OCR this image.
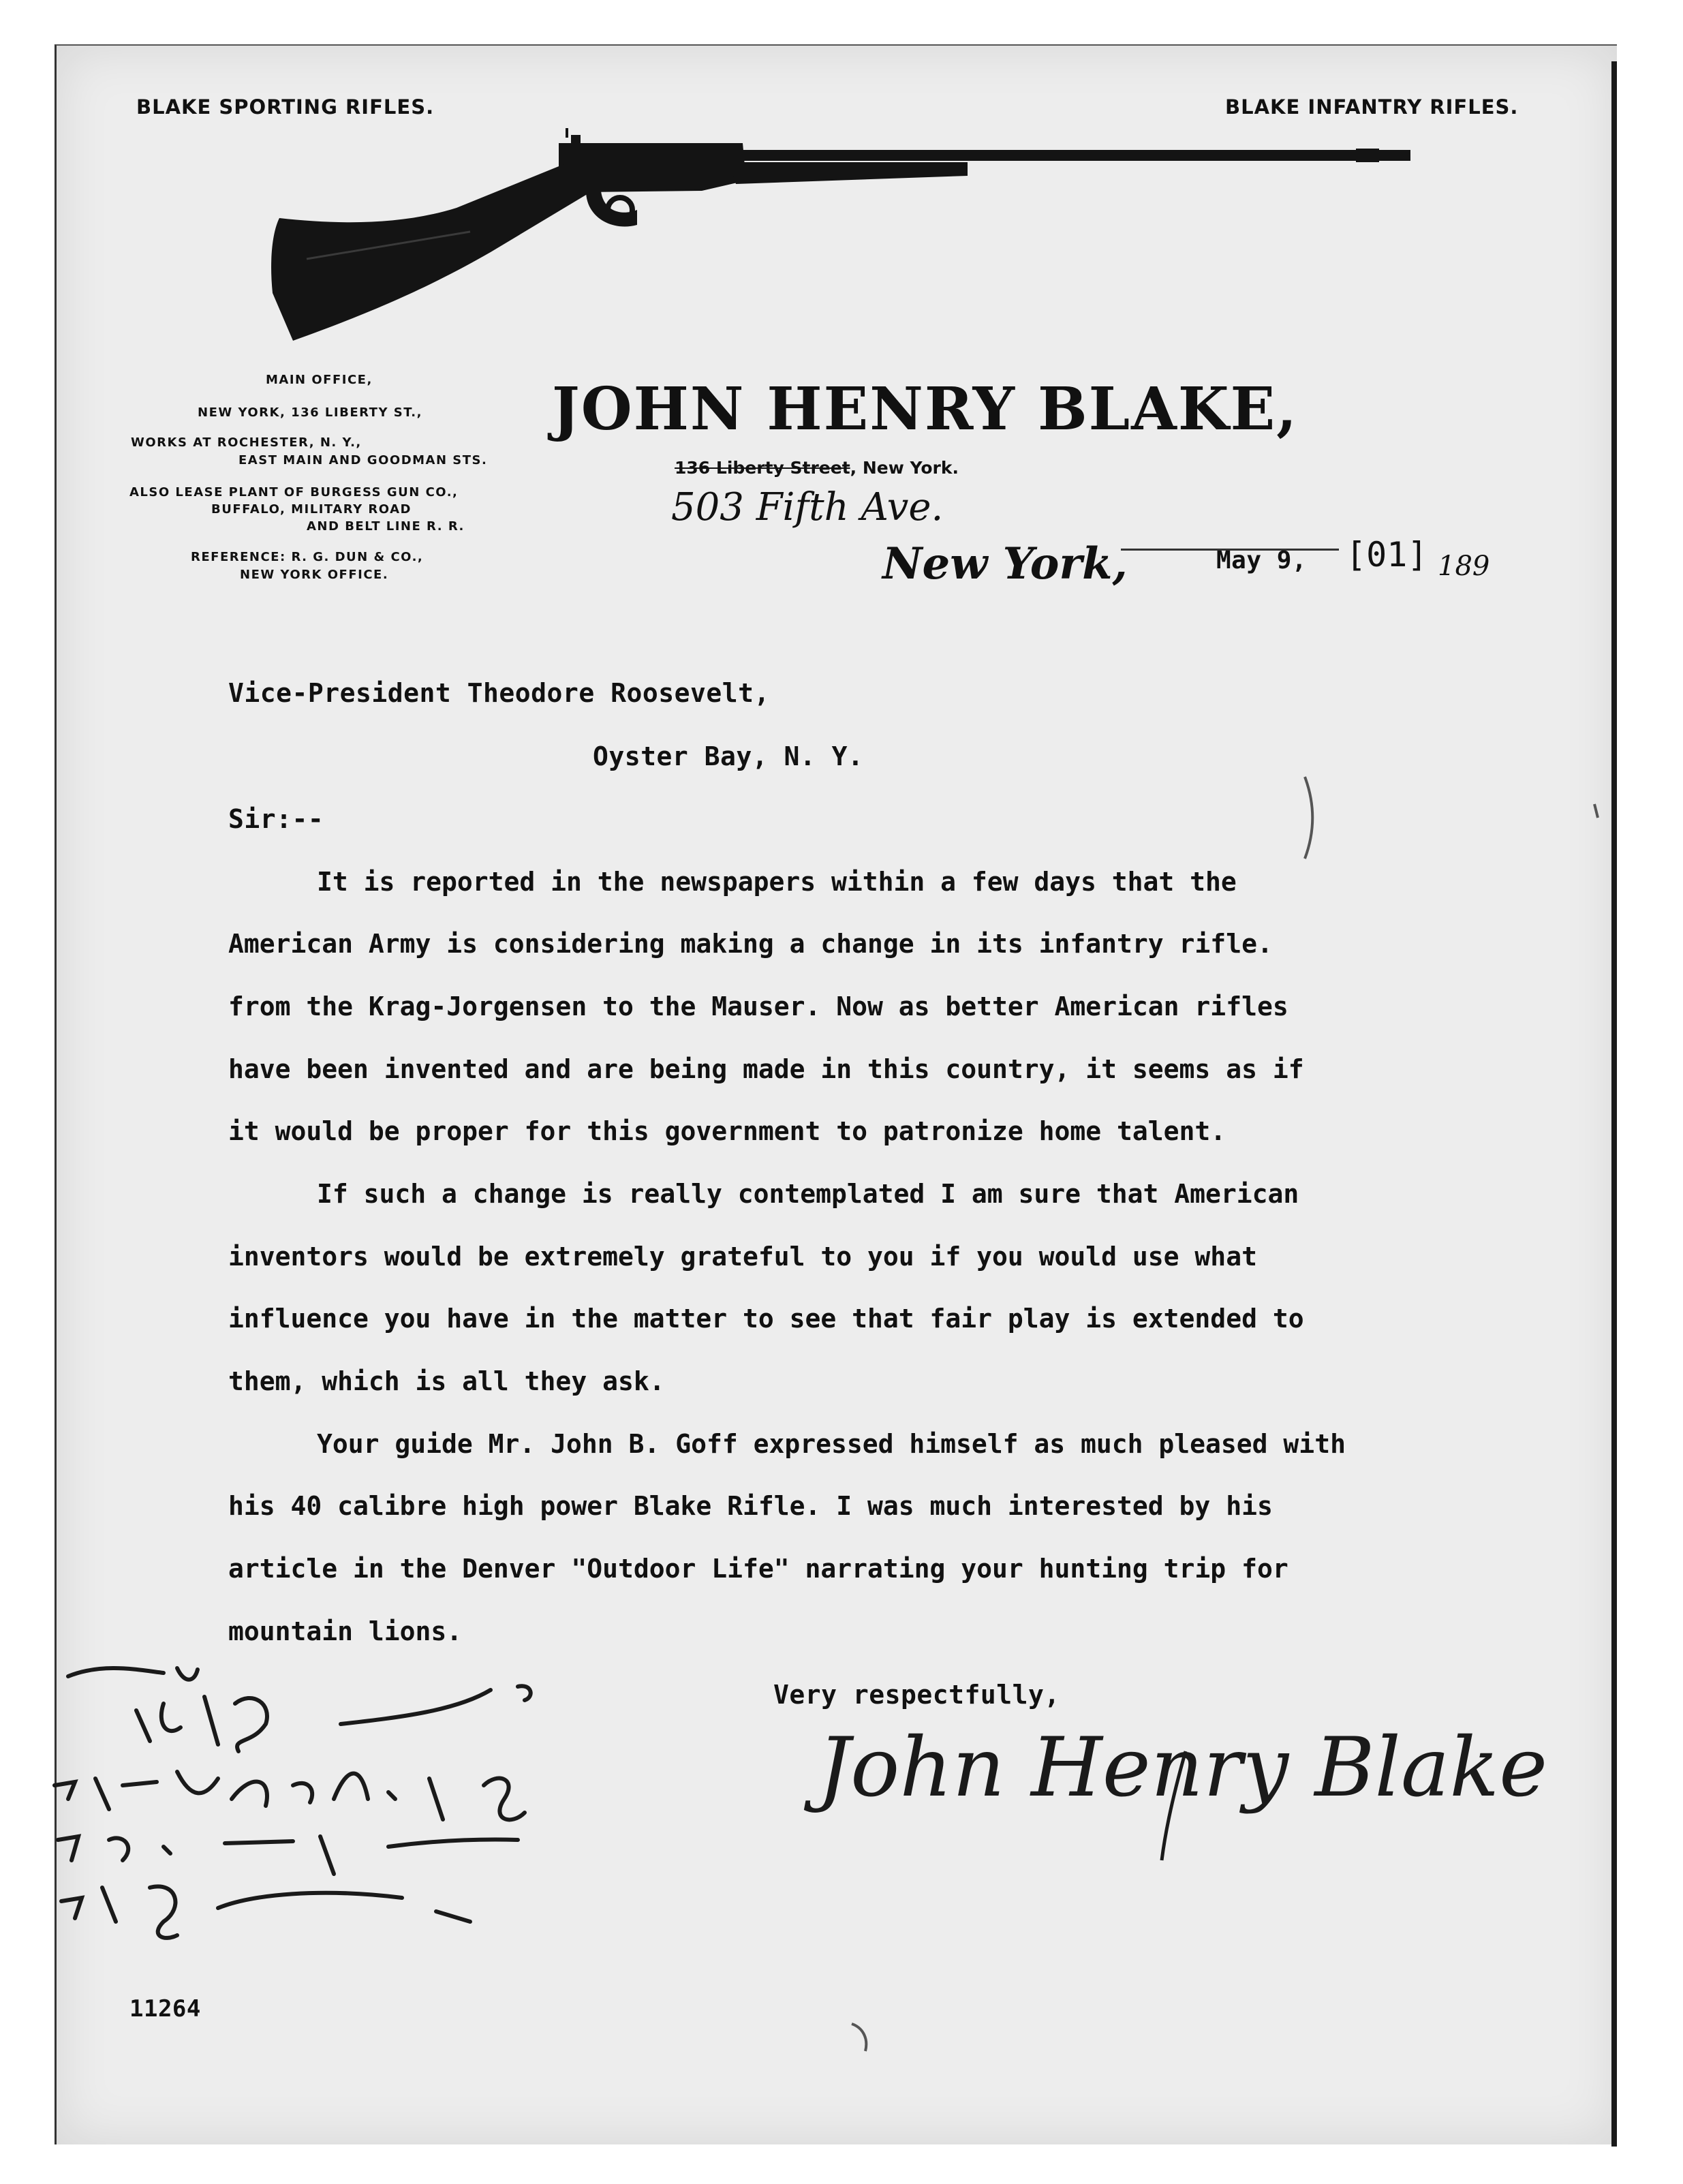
BLAKE SPORTING RIFLES.	BLAKE INFANTRY RIFLES.
MAIN OFFICE,
NEW YORK, 136 LIBERTY ST.,
WORKS AT ROCHESTER, N. Y.,
EAST MAIN AND GOODMAN STS.
ALSO LEASE PLANT OF BURGESS GUN CO.,
BUFFALO, MILITARY ROAD
AND BELT LINE R. R.
REFERENCE: R. G. DUN & CO.,
NEW YORK OFFICE.
JOHN HENRY BLAKE,
136 Liberty Street, New York.
503 Fifth Ave.
New York,	May 9, [01] 189
Vice-President Theodore Roosevelt,
Oyster Bay, N. Y.
Sir:--
It is reported in the newspapers within a few days that the
American Army is considering making a change in its infantry rifle.
from the Krag-Jorgensen to the Mauser. Now as better American rifles
have been invented and are being made in this country, it seems as if
it would be proper for this government to patronize home talent.
If such a change is really contemplated I am sure that American
inventors would be extremely grateful to you if you would use what
influence you have in the matter to see that fair play is extended to
them, which is all they ask.
Your guide Mr. John B. Goff expressed himself as much pleased with
his 40 calibre high power Blake Rifle. I was much interested by his
article in the Denver "Outdoor Life" narrating your hunting trip for
mountain lions.
Very respectfully,
John Henry Blake
11264
